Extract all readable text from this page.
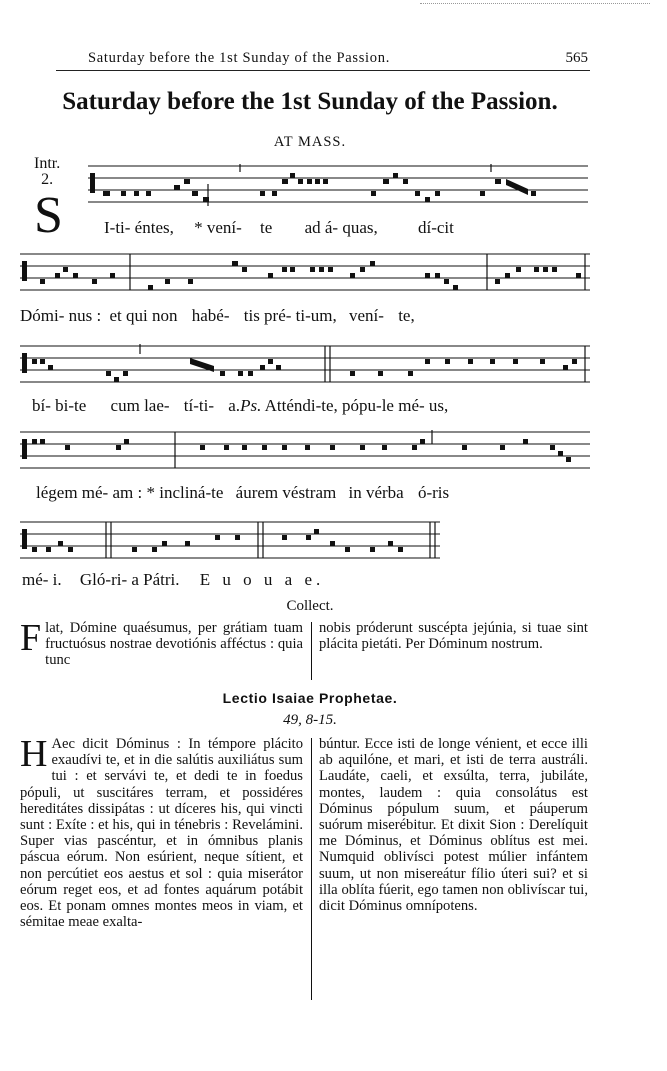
Saturday before the 1st Sunday of the Passion.	565
Saturday before the 1st Sunday of the Passion.
AT MASS.
Intr.
2.
S I-ti- éntes, * vení- te ad á- quas, dí-cit
Dómi- nus : et qui non habé- tis pré- ti-um, vení- te,
bí- bi-te cum lae- tí-ti- a.Ps. Atténdi-te, pópu-le mé- us,
légem mé- am : * incliná-te áurem véstram in vérba ó-ris
mé- i. Gló-ri- a Pátri. E u o u a e.
Collect.
Flat, Dómine quaésumus, per grátiam tuam fructuósus nostrae devotiónis afféctus : quia tunc
nobis próderunt suscépta jejúnia, si tuae sint plácita pietáti. Per Dóminum nostrum.
Lectio Isaiae Prophetae.
49, 8-15.
H Aec dicit Dóminus : In témpore plácito exaudívi te, et in die salútis auxiliátus sum tui : et servávi te, et dedi te in foedus pópuli, ut suscitáres terram, et possidéres hereditátes dissipátas : ut díceres his, qui vincti sunt : Exíte : et his, qui in ténebris : Revelámini. Super vias pascéntur, et in ómnibus planis páscua eórum. Non esúrient, neque sítient, et non percútiet eos aestus et sol : quia miserátor eórum reget eos, et ad fontes aquárum potábit eos. Et ponam omnes montes meos in viam, et sémitae meae exalta-
búntur. Ecce isti de longe vénient, et ecce illi ab aquilóne, et mari, et isti de terra austráli. Laudáte, caeli, et exsúlta, terra, jubiláte, montes, laudem : quia consolátus est Dóminus pópulum suum, et páuperum suórum miserébitur. Et dixit Sion : Derelíquit me Dóminus, et Dóminus oblítus est mei. Numquid oblivísci potest múlier infántem suum, ut non misereátur fílio úteri sui? et si illa oblíta fúerit, ego tamen non oblivíscar tui, dicit Dóminus omnípotens.
